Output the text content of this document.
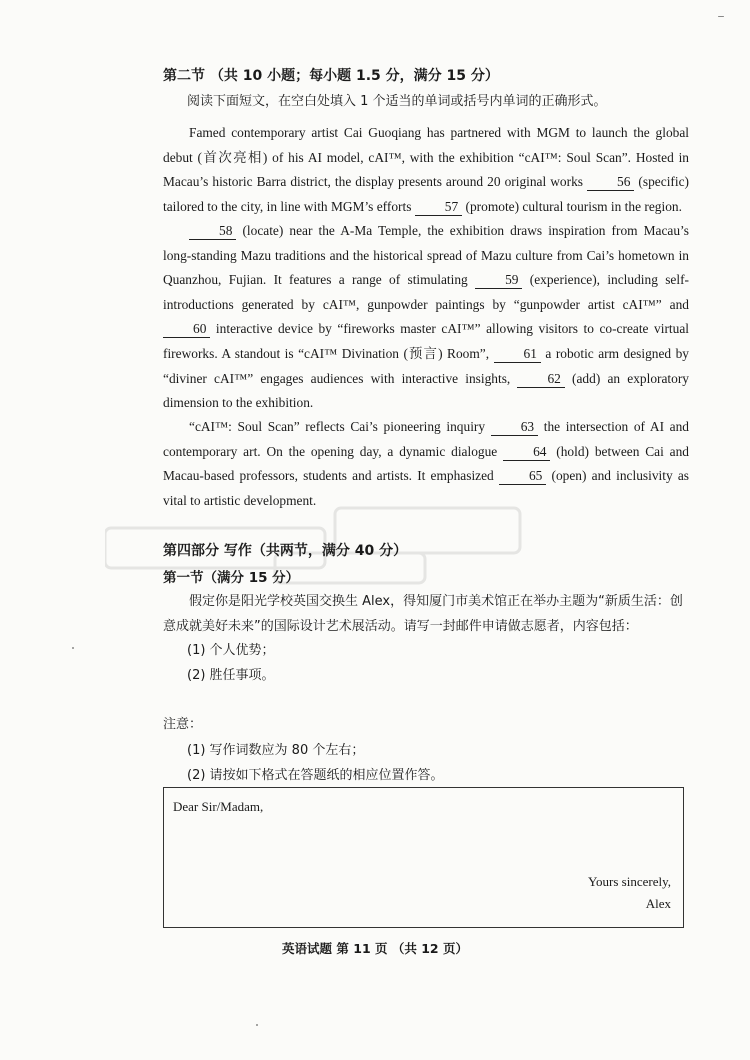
第二节 （共 10 小题；每小题 1.5 分，满分 15 分）
阅读下面短文，在空白处填入 1 个适当的单词或括号内单词的正确形式。

Famed contemporary artist Cai Guoqiang has partnered with MGM to launch the global debut (首次亮相) of his AI model, cAI™, with the exhibition “cAI™: Soul Scan”. Hosted in Macau’s historic Barra district, the display presents around 20 original works 56 (specific) tailored to the city, in line with MGM’s efforts 57 (promote) cultural tourism in the region.

58 (locate) near the A-Ma Temple, the exhibition draws inspiration from Macau’s long-standing Mazu traditions and the historical spread of Mazu culture from Cai’s hometown in Quanzhou, Fujian. It features a range of stimulating 59 (experience), including self-introductions generated by cAI™, gunpowder paintings by “gunpowder artist cAI™” and 60 interactive device by “fireworks master cAI™” allowing visitors to co-create virtual fireworks. A standout is “cAI™ Divination (预言) Room”, 61 a robotic arm designed by “diviner cAI™” engages audiences with interactive insights, 62 (add) an exploratory dimension to the exhibition.

“cAI™: Soul Scan” reflects Cai’s pioneering inquiry 63 the intersection of AI and contemporary art. On the opening day, a dynamic dialogue 64 (hold) between Cai and Macau-based professors, students and artists. It emphasized 65 (open) and inclusivity as vital to artistic development.

第四部分 写作（共两节，满分 40 分）
第一节（满分 15 分）
假定你是阳光学校英国交换生 Alex，得知厦门市美术馆正在举办主题为“新质生活：创意成就美好未来”的国际设计艺术展活动。请写一封邮件申请做志愿者，内容包括：
(1) 个人优势；
(2) 胜任事项。
注意：
(1) 写作词数应为 80 个左右；
(2) 请按如下格式在答题纸的相应位置作答。
Dear Sir/Madam,
Yours sincerely,
Alex
英语试题 第 11 页 （共 12 页）
